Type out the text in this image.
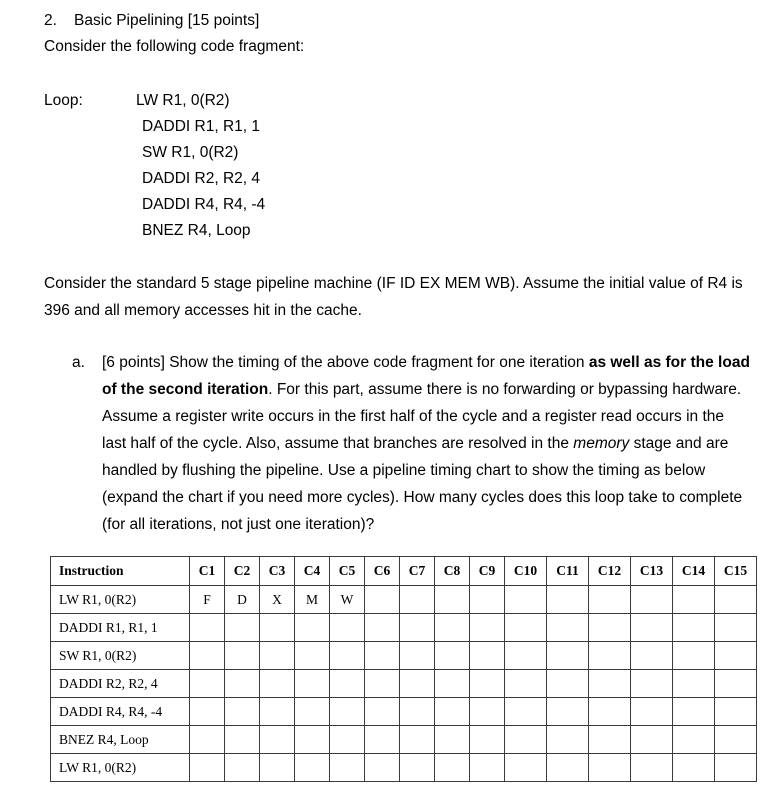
2. Basic Pipelining [15 points]
Consider the following code fragment:
Loop:	LW R1, 0(R2)
DADDI R1, R1, 1
SW R1, 0(R2)
DADDI R2, R2, 4
DADDI R4, R4, -4
BNEZ R4, Loop
Consider the standard 5 stage pipeline machine (IF ID EX MEM WB). Assume the initial value of R4 is 396 and all memory accesses hit in the cache.
a.	[6 points] Show the timing of the above code fragment for one iteration as well as for the load of the second iteration. For this part, assume there is no forwarding or bypassing hardware. Assume a register write occurs in the first half of the cycle and a register read occurs in the last half of the cycle. Also, assume that branches are resolved in the memory stage and are handled by flushing the pipeline. Use a pipeline timing chart to show the timing as below (expand the chart if you need more cycles). How many cycles does this loop take to complete (for all iterations, not just one iteration)?
Instruction	C1	C2	C3	C4	C5	C6	C7	C8	C9	C10	C11	C12	C13	C14	C15
LW R1, 0(R2)	F	D	X	M	W										
DADDI R1, R1, 1															
SW R1, 0(R2)															
DADDI R2, R2, 4															
DADDI R4, R4, -4															
BNEZ R4, Loop															
LW R1, 0(R2)															
